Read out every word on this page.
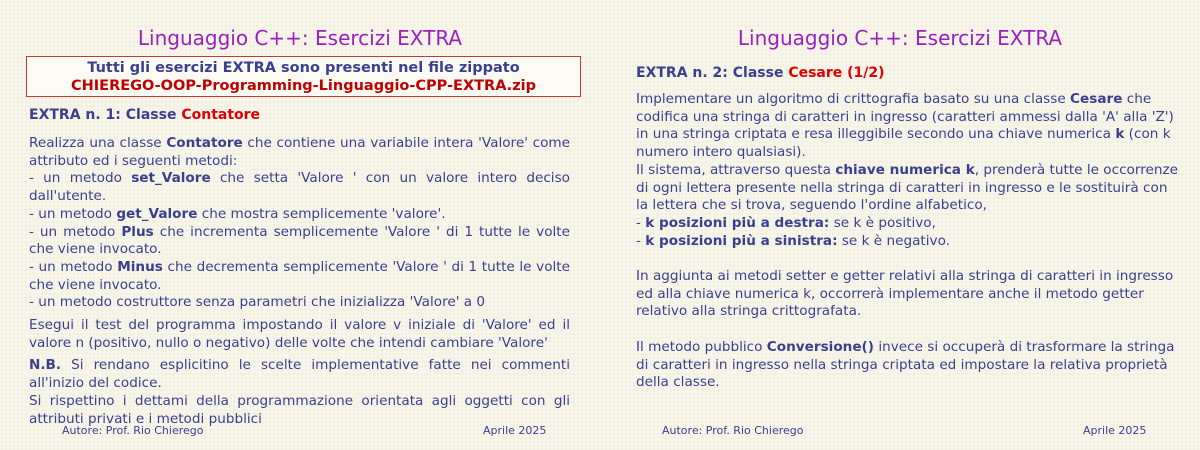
Linguaggio C++: Esercizi EXTRA
Tutti gli esercizi EXTRA sono presenti nel file zippato
CHIEREGO-OOP-Programming-Linguaggio-CPP-EXTRA.zip
EXTRA n. 1: Classe Contatore
Realizza una classe Contatore che contiene una variabile intera 'Valore' come attributo ed i seguenti metodi:
- un metodo set_Valore che setta 'Valore ' con un valore intero deciso dall'utente.
- un metodo get_Valore che mostra semplicemente 'valore'.
- un metodo Plus che incrementa semplicemente 'Valore ' di 1 tutte le volte che viene invocato.
- un metodo Minus che decrementa semplicemente 'Valore ' di 1 tutte le volte che viene invocato.
- un metodo costruttore senza parametri che inizializza 'Valore' a 0
Esegui il test del programma impostando il valore v iniziale di 'Valore' ed il valore n (positivo, nullo o negativo) delle volte che intendi cambiare 'Valore'
N.B. Si rendano esplicitino le scelte implementative fatte nei commenti all'inizio del codice.
Si rispettino i dettami della programmazione orientata agli oggetti con gli attributi privati e i metodi pubblici
Autore: Prof. Rio Chierego	Aprile 2025
Linguaggio C++: Esercizi EXTRA
EXTRA n. 2: Classe Cesare (1/2)
Implementare un algoritmo di crittografia basato su una classe Cesare che codifica una stringa di caratteri in ingresso (caratteri ammessi dalla 'A' alla 'Z') in una stringa criptata e resa illeggibile secondo una chiave numerica k (con k numero intero qualsiasi).
Il sistema, attraverso questa chiave numerica k, prenderà tutte le occorrenze di ogni lettera presente nella stringa di caratteri in ingresso e le sostituirà con la lettera che si trova, seguendo l'ordine alfabetico,
- k posizioni più a destra: se k è positivo,
- k posizioni più a sinistra: se k è negativo.
In aggiunta ai metodi setter e getter relativi alla stringa di caratteri in ingresso ed alla chiave numerica k, occorrerà implementare anche il metodo getter relativo alla stringa crittografata.
Il metodo pubblico Conversione() invece si occuperà di trasformare la stringa di caratteri in ingresso nella stringa criptata ed impostare la relativa proprietà della classe.
Autore: Prof. Rio Chierego	Aprile 2025
